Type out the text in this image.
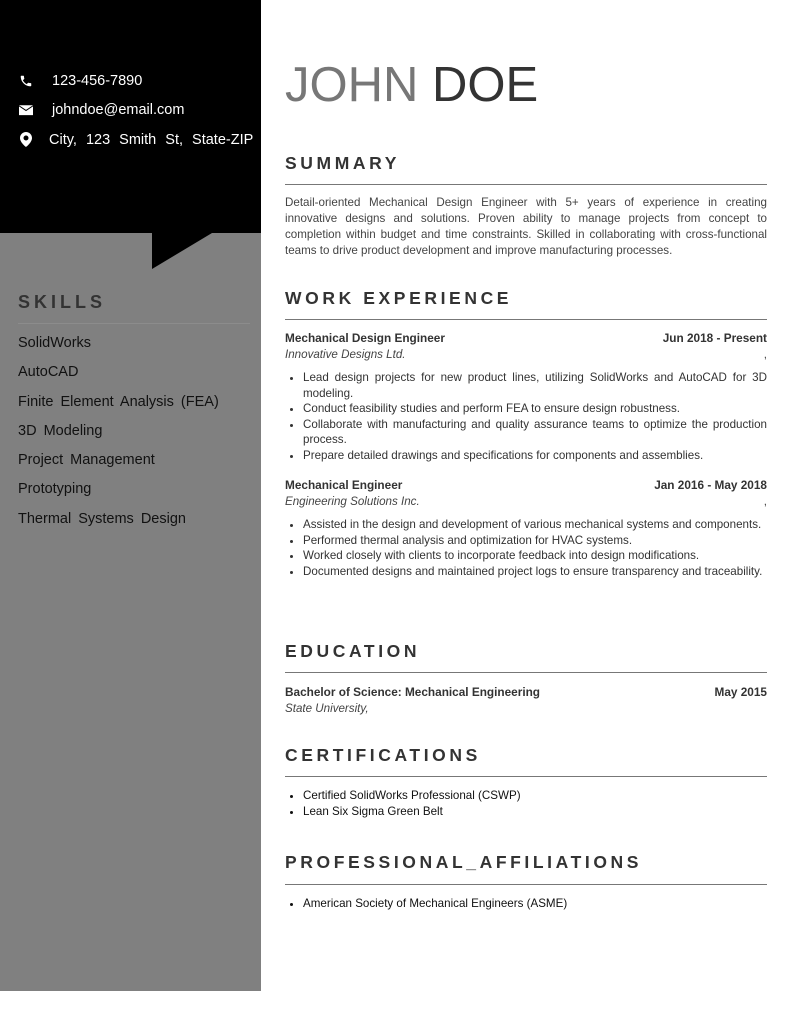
123-456-7890
johndoe@email.com
City, 123 Smith St, State-ZIP
SKILLS
SolidWorks
AutoCAD
Finite Element Analysis (FEA)
3D Modeling
Project Management
Prototyping
Thermal Systems Design
JOHN DOE
SUMMARY

Detail-oriented Mechanical Design Engineer with 5+ years of experience in creating innovative designs and solutions. Proven ability to manage projects from concept to completion within budget and time constraints. Skilled in collaborating with cross-functional teams to drive product development and improve manufacturing processes.

WORK EXPERIENCE
Mechanical Design Engineer	Jun 2018 - Present
Innovative Designs Ltd.	,
• Lead design projects for new product lines, utilizing SolidWorks and AutoCAD for 3D modeling.
• Conduct feasibility studies and perform FEA to ensure design robustness.
• Collaborate with manufacturing and quality assurance teams to optimize the production process.
• Prepare detailed drawings and specifications for components and assemblies.
Mechanical Engineer	Jan 2016 - May 2018
Engineering Solutions Inc.	,
• Assisted in the design and development of various mechanical systems and components.
• Performed thermal analysis and optimization for HVAC systems.
• Worked closely with clients to incorporate feedback into design modifications.
• Documented designs and maintained project logs to ensure transparency and traceability.
EDUCATION
Bachelor of Science: Mechanical Engineering	May 2015
State University,
CERTIFICATIONS
• Certified SolidWorks Professional (CSWP)
• Lean Six Sigma Green Belt
PROFESSIONAL_AFFILIATIONS
• American Society of Mechanical Engineers (ASME)
